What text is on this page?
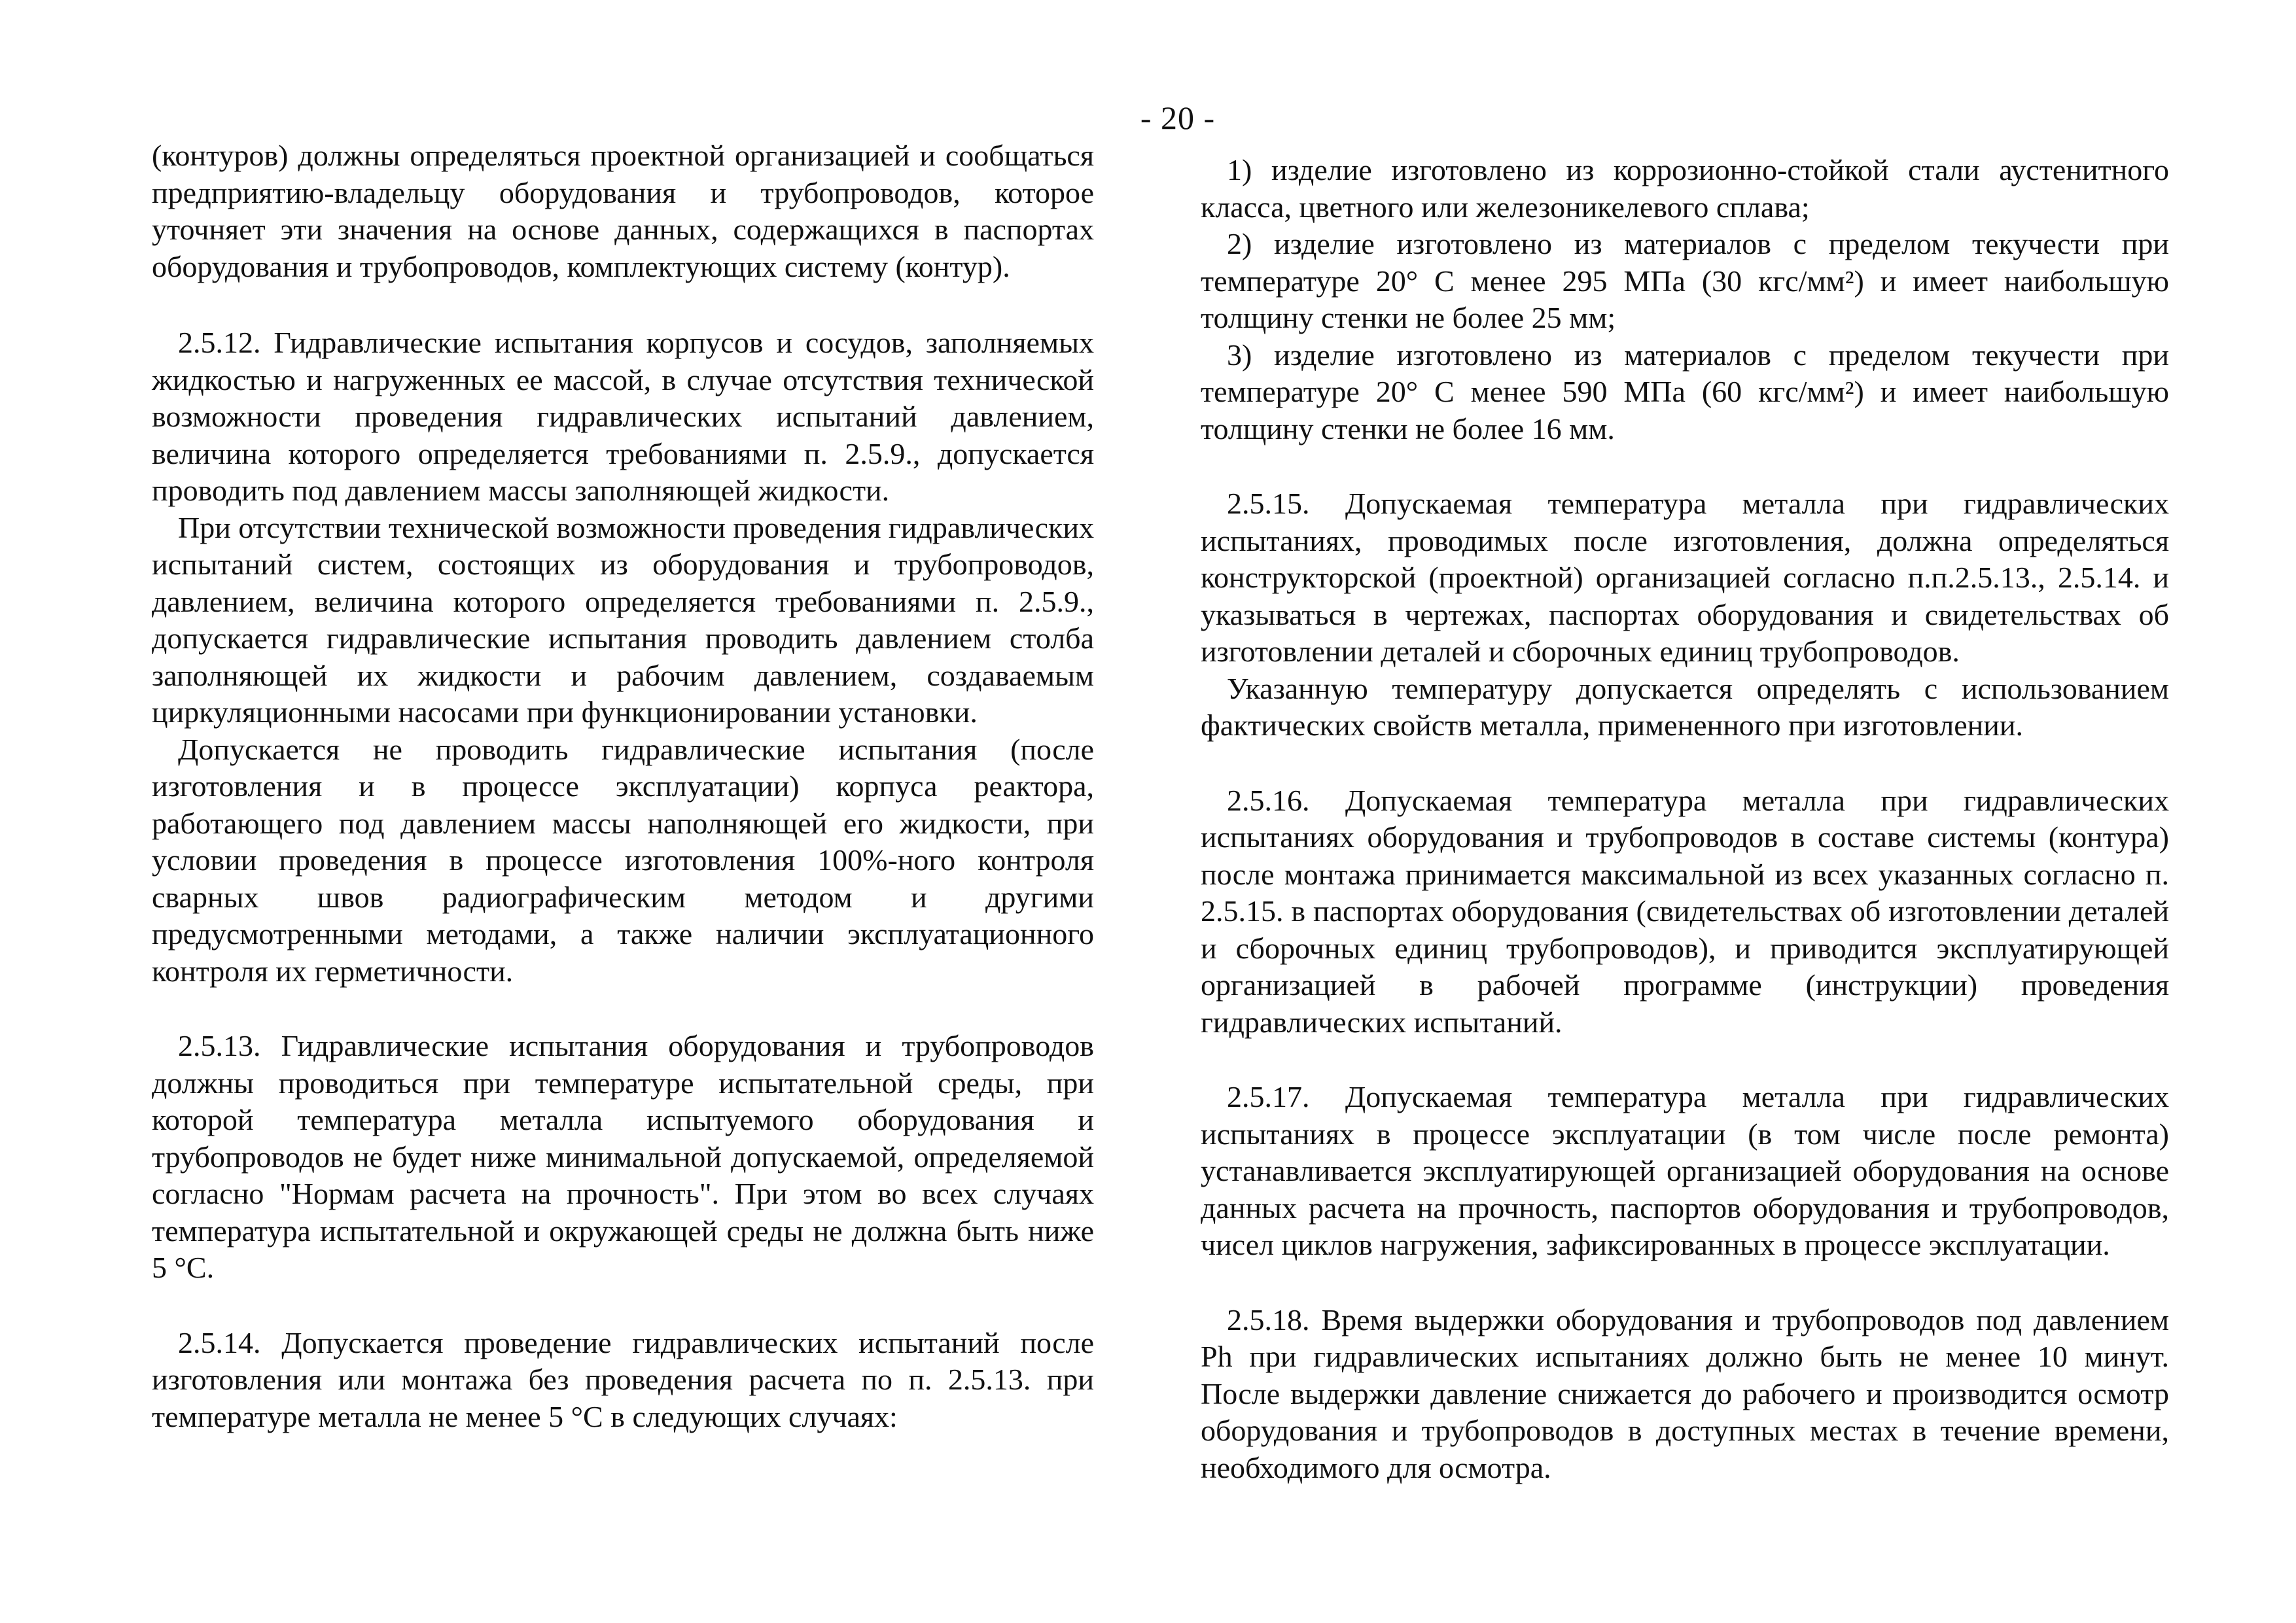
- 20 -

(контуров) должны определяться проектной организацией и сообщаться предприятию-владельцу оборудования и трубопроводов, которое уточняет эти значения на основе данных, содержащихся в паспортах оборудования и трубопроводов, комплектующих систему (контур).

2.5.12. Гидравлические испытания корпусов и сосудов, заполняемых жидкостью и нагруженных ее массой, в случае отсутствия технической возможности проведения гидравлических испытаний давлением, величина которого определяется требованиями п. 2.5.9., допускается проводить под давлением массы заполняющей жидкости.

При отсутствии технической возможности проведения гидравлических испытаний систем, состоящих из оборудования и трубопроводов, давлением, величина которого определяется требованиями п. 2.5.9., допускается гидравлические испытания проводить давлением столба заполняющей их жидкости и рабочим давлением, создаваемым циркуляционными насосами при функционировании установки.

Допускается не проводить гидравлические испытания (после изготовления и в процессе эксплуатации) корпуса реактора, работающего под давлением массы наполняющей его жидкости, при условии проведения в процессе изготовления 100%-ного контроля сварных швов радиографическим методом и другими предусмотренными методами, а также наличии эксплуатационного контроля их герметичности.

2.5.13. Гидравлические испытания оборудования и трубопроводов должны проводиться при температуре испытательной среды, при которой температура металла испытуемого оборудования и трубопроводов не будет ниже минимальной допускаемой, определяемой согласно "Нормам расчета на прочность". При этом во всех случаях температура испытательной и окружающей среды не должна быть ниже 5 °С.

2.5.14. Допускается проведение гидравлических испытаний после изготовления или монтажа без проведения расчета по п. 2.5.13. при температуре металла не менее 5 °С в следующих случаях:

1) изделие изготовлено из коррозионно-стойкой стали аустенитного класса, цветного или железоникелевого сплава;

2) изделие изготовлено из материалов с пределом текучести при температуре 20° С менее 295 МПа (30 кгс/мм²) и имеет наибольшую толщину стенки не более 25 мм;

3) изделие изготовлено из материалов с пределом текучести при температуре 20° С менее 590 МПа (60 кгс/мм²) и имеет наибольшую толщину стенки не более 16 мм.

2.5.15. Допускаемая температура металла при гидравлических испытаниях, проводимых после изготовления, должна определяться конструкторской (проектной) организацией согласно п.п.2.5.13., 2.5.14. и указываться в чертежах, паспортах оборудования и свидетельствах об изготовлении деталей и сборочных единиц трубопроводов.

Указанную температуру допускается определять с использованием фактических свойств металла, примененного при изготовлении.

2.5.16. Допускаемая температура металла при гидравлических испытаниях оборудования и трубопроводов в составе системы (контура) после монтажа принимается максимальной из всех указанных согласно п. 2.5.15. в паспортах оборудования (свидетельствах об изготовлении деталей и сборочных единиц трубопроводов), и приводится эксплуатирующей организацией в рабочей программе (инструкции) проведения гидравлических испытаний.

2.5.17. Допускаемая температура металла при гидравлических испытаниях в процессе эксплуатации (в том числе после ремонта) устанавливается эксплуатирующей организацией оборудования на основе данных расчета на прочность, паспортов оборудования и трубопроводов, чисел циклов нагружения, зафиксированных в процессе эксплуатации.

2.5.18. Время выдержки оборудования и трубопроводов под давлением Ph при гидравлических испытаниях должно быть не менее 10 минут. После выдержки давление снижается до рабочего и производится осмотр оборудования и трубопроводов в доступных местах в течение времени, необходимого для осмотра.
